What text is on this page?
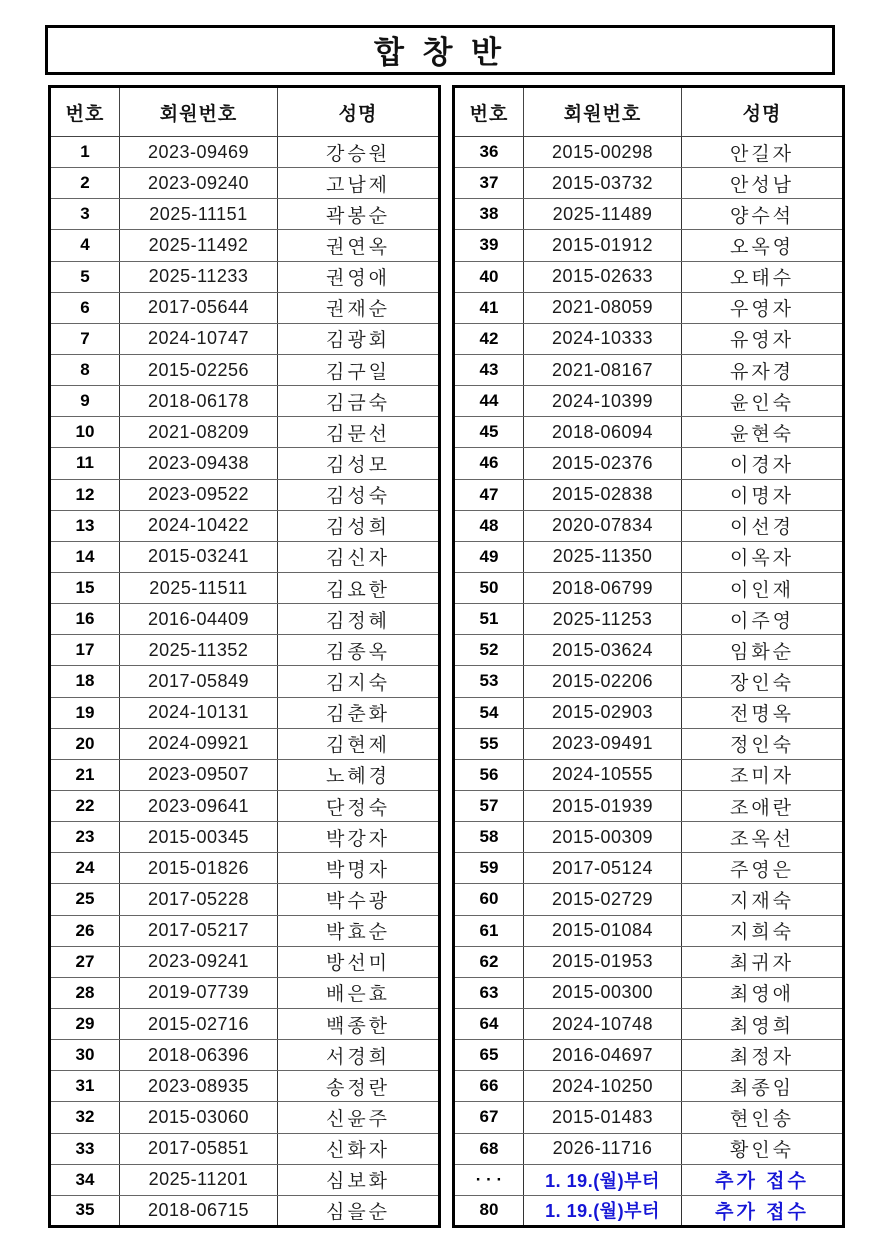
합 창 반
번호	회원번호	성명
1	2023-09469	강승원
2	2023-09240	고남제
3	2025-11151	곽봉순
4	2025-11492	권연옥
5	2025-11233	권영애
6	2017-05644	권재순
7	2024-10747	김광회
8	2015-02256	김구일
9	2018-06178	김금숙
10	2021-08209	김문선
11	2023-09438	김성모
12	2023-09522	김성숙
13	2024-10422	김성희
14	2015-03241	김신자
15	2025-11511	김요한
16	2016-04409	김정혜
17	2025-11352	김종옥
18	2017-05849	김지숙
19	2024-10131	김춘화
20	2024-09921	김현제
21	2023-09507	노혜경
22	2023-09641	단정숙
23	2015-00345	박강자
24	2015-01826	박명자
25	2017-05228	박수광
26	2017-05217	박효순
27	2023-09241	방선미
28	2019-07739	배은효
29	2015-02716	백종한
30	2018-06396	서경희
31	2023-08935	송정란
32	2015-03060	신윤주
33	2017-05851	신화자
34	2025-11201	심보화
35	2018-06715	심을순
번호	회원번호	성명
36	2015-00298	안길자
37	2015-03732	안성남
38	2025-11489	양수석
39	2015-01912	오옥영
40	2015-02633	오태수
41	2021-08059	우영자
42	2024-10333	유영자
43	2021-08167	유자경
44	2024-10399	윤인숙
45	2018-06094	윤현숙
46	2015-02376	이경자
47	2015-02838	이명자
48	2020-07834	이선경
49	2025-11350	이옥자
50	2018-06799	이인재
51	2025-11253	이주영
52	2015-03624	임화순
53	2015-02206	장인숙
54	2015-02903	전명옥
55	2023-09491	정인숙
56	2024-10555	조미자
57	2015-01939	조애란
58	2015-00309	조옥선
59	2017-05124	주영은
60	2015-02729	지재숙
61	2015-01084	지희숙
62	2015-01953	최귀자
63	2015-00300	최영애
64	2024-10748	최영희
65	2016-04697	최정자
66	2024-10250	최종임
67	2015-01483	현인송
68	2026-11716	황인숙
· · ·	1. 19.(월)부터	추가 접수
80	1. 19.(월)부터	추가 접수
